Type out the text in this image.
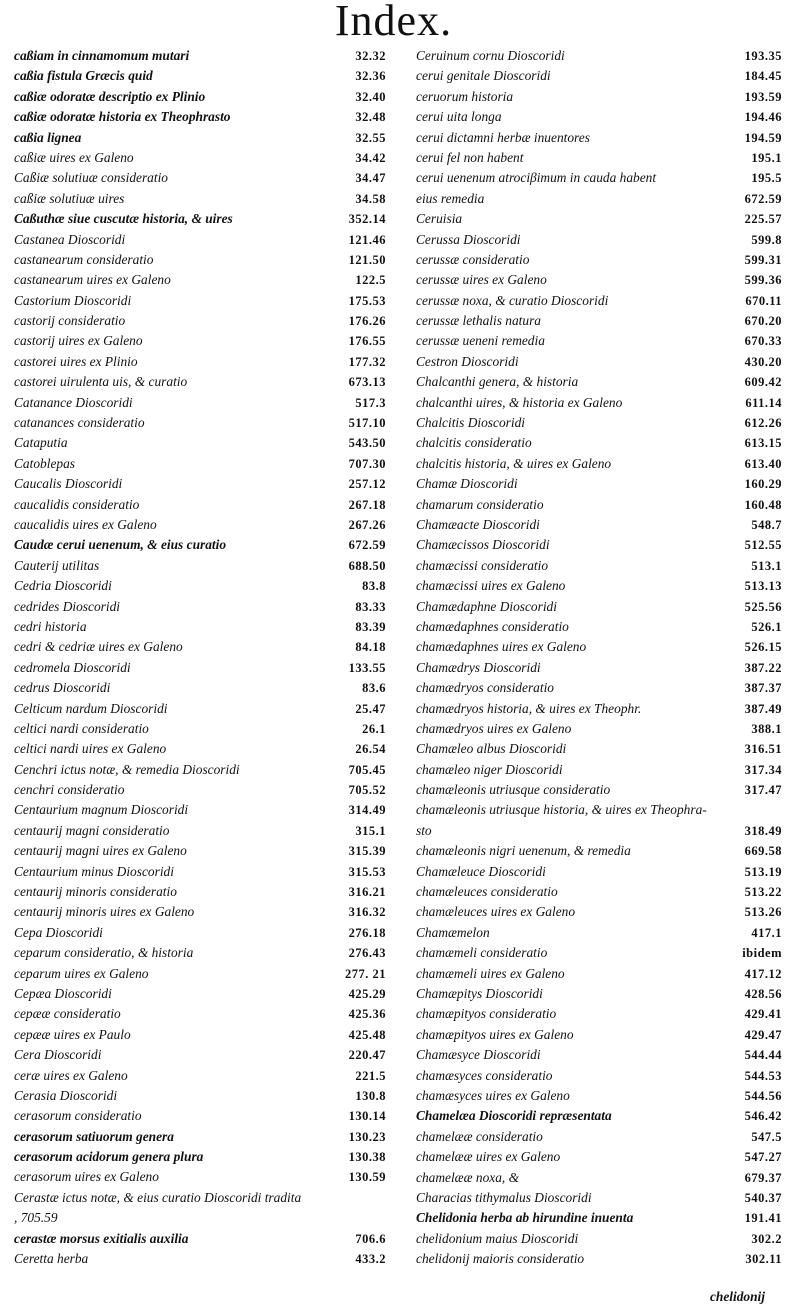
Index.
caßiam in cinnamomum mutari	32.32
caßia fistula Græcis quid	32.36
caßiæ odoratæ descriptio ex Plinio	32.40
caßiæ odoratæ historia ex Theophrasto	32.48
caßia lignea	32.55
caßiæ uires ex Galeno	34.42
Caßiæ solutiuæ consideratio	34.47
caßiæ solutiuæ uires	34.58
Caßuthæ siue cuscutæ historia, & uires	352.14
Castanea Dioscoridi	121.46
castanearum consideratio	121.50
castanearum uires ex Galeno	122.5
Castorium Dioscoridi	175.53
castorij consideratio	176.26
castorij uires ex Galeno	176.55
castorei uires ex Plinio	177.32
castorei uirulenta uis, & curatio	673.13
Catanance Dioscoridi	517.3
catanances consideratio	517.10
Cataputia	543.50
Catoblepas	707.30
Caucalis Dioscoridi	257.12
caucalidis consideratio	267.18
caucalidis uires ex Galeno	267.26
Caudæ cerui uenenum, & eius curatio	672.59
Cauterij utilitas	688.50
Cedria Dioscoridi	83.8
cedrides Dioscoridi	83.33
cedri historia	83.39
cedri & cedriæ uires ex Galeno	84.18
cedromela Dioscoridi	133.55
cedrus Dioscoridi	83.6
Celticum nardum Dioscoridi	25.47
celtici nardi consideratio	26.1
celtici nardi uires ex Galeno	26.54
Cenchri ictus notæ, & remedia Dioscoridi	705.45
cenchri consideratio	705.52
Centaurium magnum Dioscoridi	314.49
centaurij magni consideratio	315.1
centaurij magni uires ex Galeno	315.39
Centaurium minus Dioscoridi	315.53
centaurij minoris consideratio	316.21
centaurij minoris uires ex Galeno	316.32
Cepa Dioscoridi	276.18
ceparum consideratio, & historia	276.43
ceparum uires ex Galeno	277. 21
Cepæa Dioscoridi	425.29
cepææ consideratio	425.36
cepææ uires ex Paulo	425.48
Cera Dioscoridi	220.47
ceræ uires ex Galeno	221.5
Cerasia Dioscoridi	130.8
cerasorum consideratio	130.14
cerasorum satiuorum genera	130.23
cerasorum acidorum genera plura	130.38
cerasorum uires ex Galeno	130.59
Cerastæ ictus notæ, & eius curatio Dioscoridi tradita
, 705.59
cerastæ morsus exitialis auxilia	706.6
Ceretta herba	433.2
Ceruinum cornu Dioscoridi	193.35
cerui genitale Dioscoridi	184.45
ceruorum historia	193.59
cerui uita longa	194.46
cerui dictamni herbæ inuentores	194.59
cerui fel non habent	195.1
cerui uenenum atrociβimum in cauda habent	195.5
eius remedia	672.59
Ceruisia	225.57
Cerussa Dioscoridi	599.8
cerussæ consideratio	599.31
cerussæ uires ex Galeno	599.36
cerussæ noxa, & curatio Dioscoridi	670.11
cerussæ lethalis natura	670.20
cerussæ ueneni remedia	670.33
Cestron Dioscoridi	430.20
Chalcanthi genera, & historia	609.42
chalcanthi uires, & historia ex Galeno	611.14
Chalcitis Dioscoridi	612.26
chalcitis consideratio	613.15
chalcitis historia, & uires ex Galeno	613.40
Chamæ Dioscoridi	160.29
chamarum consideratio	160.48
Chamæacte Dioscoridi	548.7
Chamæcissos Dioscoridi	512.55
chamæcissi consideratio	513.1
chamæcissi uires ex Galeno	513.13
Chamædaphne Dioscoridi	525.56
chamædaphnes consideratio	526.1
chamædaphnes uires ex Galeno	526.15
Chamædrys Dioscoridi	387.22
chamædryos consideratio	387.37
chamædryos historia, & uires ex Theophr.	387.49
chamædryos uires ex Galeno	388.1
Chamæleo albus Dioscoridi	316.51
chamæleo niger Dioscoridi	317.34
chamæleonis utriusque consideratio	317.47
chamæleonis utriusque historia, & uires ex Theophra-
sto	318.49
chamæleonis nigri uenenum, & remedia	669.58
Chamæleuce Dioscoridi	513.19
chamæleuces consideratio	513.22
chamæleuces uires ex Galeno	513.26
Chamæmelon	417.1
chamæmeli consideratio	ibidem
chamæmeli uires ex Galeno	417.12
Chamæpitys Dioscoridi	428.56
chamæpityos consideratio	429.41
chamæpityos uires ex Galeno	429.47
Chamæsyce Dioscoridi	544.44
chamæsyces consideratio	544.53
chamæsyces uires ex Galeno	544.56
Chamelæa Dioscoridi repræsentata	546.42
chamelææ consideratio	547.5
chamelææ uires ex Galeno	547.27
chamelææ noxa, &	679.37
Characias tithymalus Dioscoridi	540.37
Chelidonia herba ab hirundine inuenta	191.41
chelidonium maius Dioscoridi	302.2
chelidonij maioris consideratio	302.11
chelidonij
